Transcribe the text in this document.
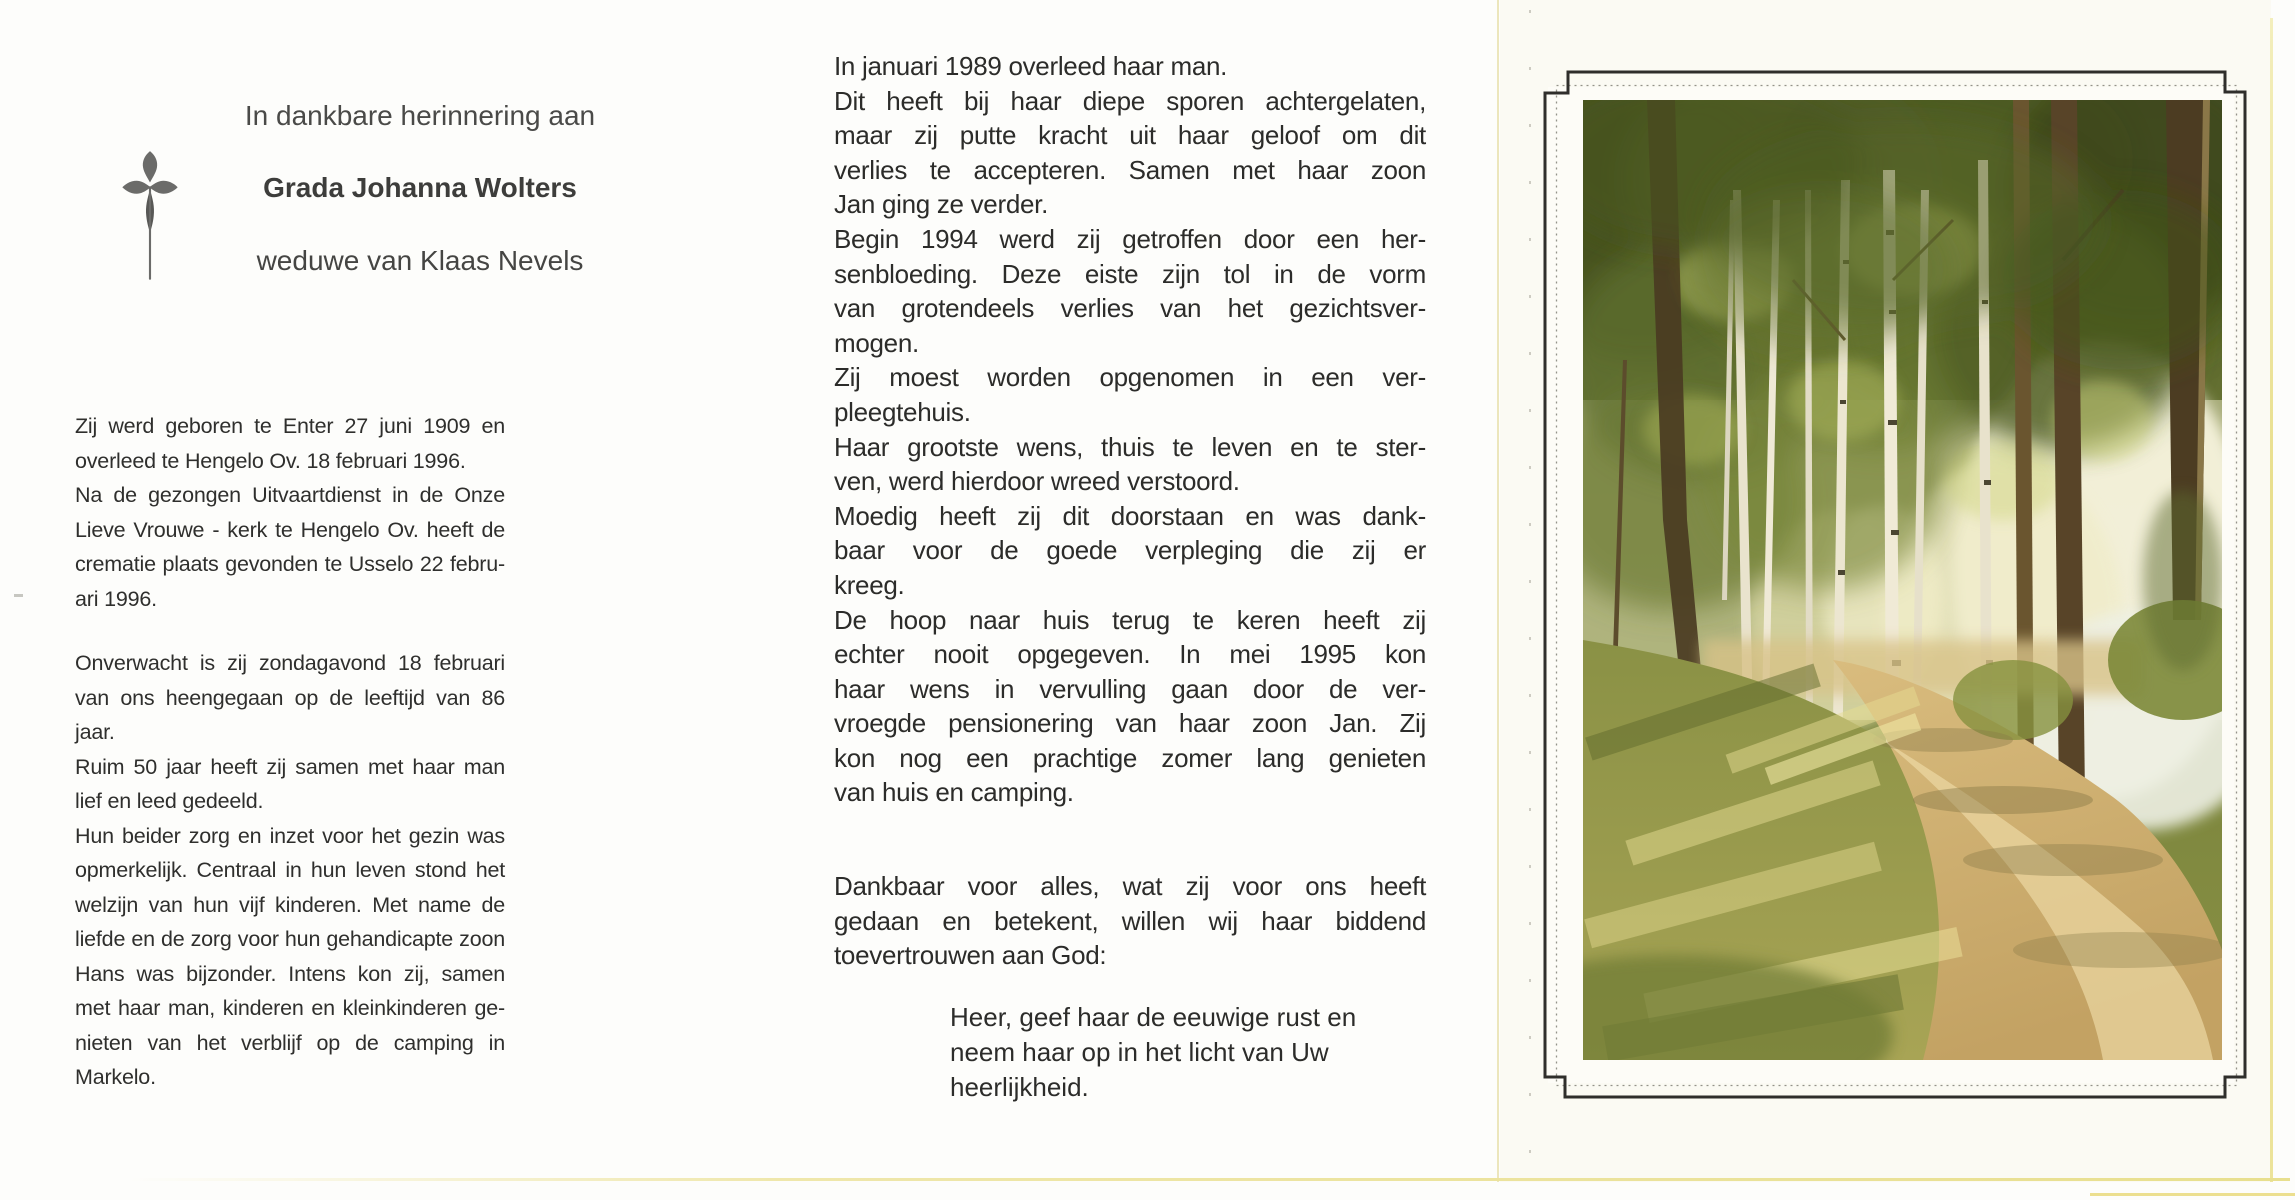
In dankbare herinnering aan
Grada Johanna Wolters
weduwe van Klaas Nevels
Zij werd geboren te Enter 27 juni 1909 en
overleed te Hengelo Ov. 18 februari 1996.
Na de gezongen Uitvaartdienst in de Onze
Lieve Vrouwe - kerk te Hengelo Ov. heeft de
crematie plaats gevonden te Usselo 22 febru-
ari 1996.
Onverwacht is zij zondagavond 18 februari
van ons heengegaan op de leeftijd van 86
jaar.
Ruim 50 jaar heeft zij samen met haar man
lief en leed gedeeld.
Hun beider zorg en inzet voor het gezin was
opmerkelijk. Centraal in hun leven stond het
welzijn van hun vijf kinderen. Met name de
liefde en de zorg voor hun gehandicapte zoon
Hans was bijzonder. Intens kon zij, samen
met haar man, kinderen en kleinkinderen ge-
nieten van het verblijf op de camping in
Markelo.
In januari 1989 overleed haar man.
Dit heeft bij haar diepe sporen achtergelaten,
maar zij putte kracht uit haar geloof om dit
verlies te accepteren. Samen met haar zoon
Jan ging ze verder.
Begin 1994 werd zij getroffen door een her-
senbloeding. Deze eiste zijn tol in de vorm
van grotendeels verlies van het gezichtsver-
mogen.
Zij moest worden opgenomen in een ver-
pleegtehuis.
Haar grootste wens, thuis te leven en te ster-
ven, werd hierdoor wreed verstoord.
Moedig heeft zij dit doorstaan en was dank-
baar voor de goede verpleging die zij er
kreeg.
De hoop naar huis terug te keren heeft zij
echter nooit opgegeven. In mei 1995 kon
haar wens in vervulling gaan door de ver-
vroegde pensionering van haar zoon Jan. Zij
kon nog een prachtige zomer lang genieten
van huis en camping.
Dankbaar voor alles, wat zij voor ons heeft
gedaan en betekent, willen wij haar biddend
toevertrouwen aan God:
Heer, geef haar de eeuwige rust en
neem haar op in het licht van Uw
heerlijkheid.
